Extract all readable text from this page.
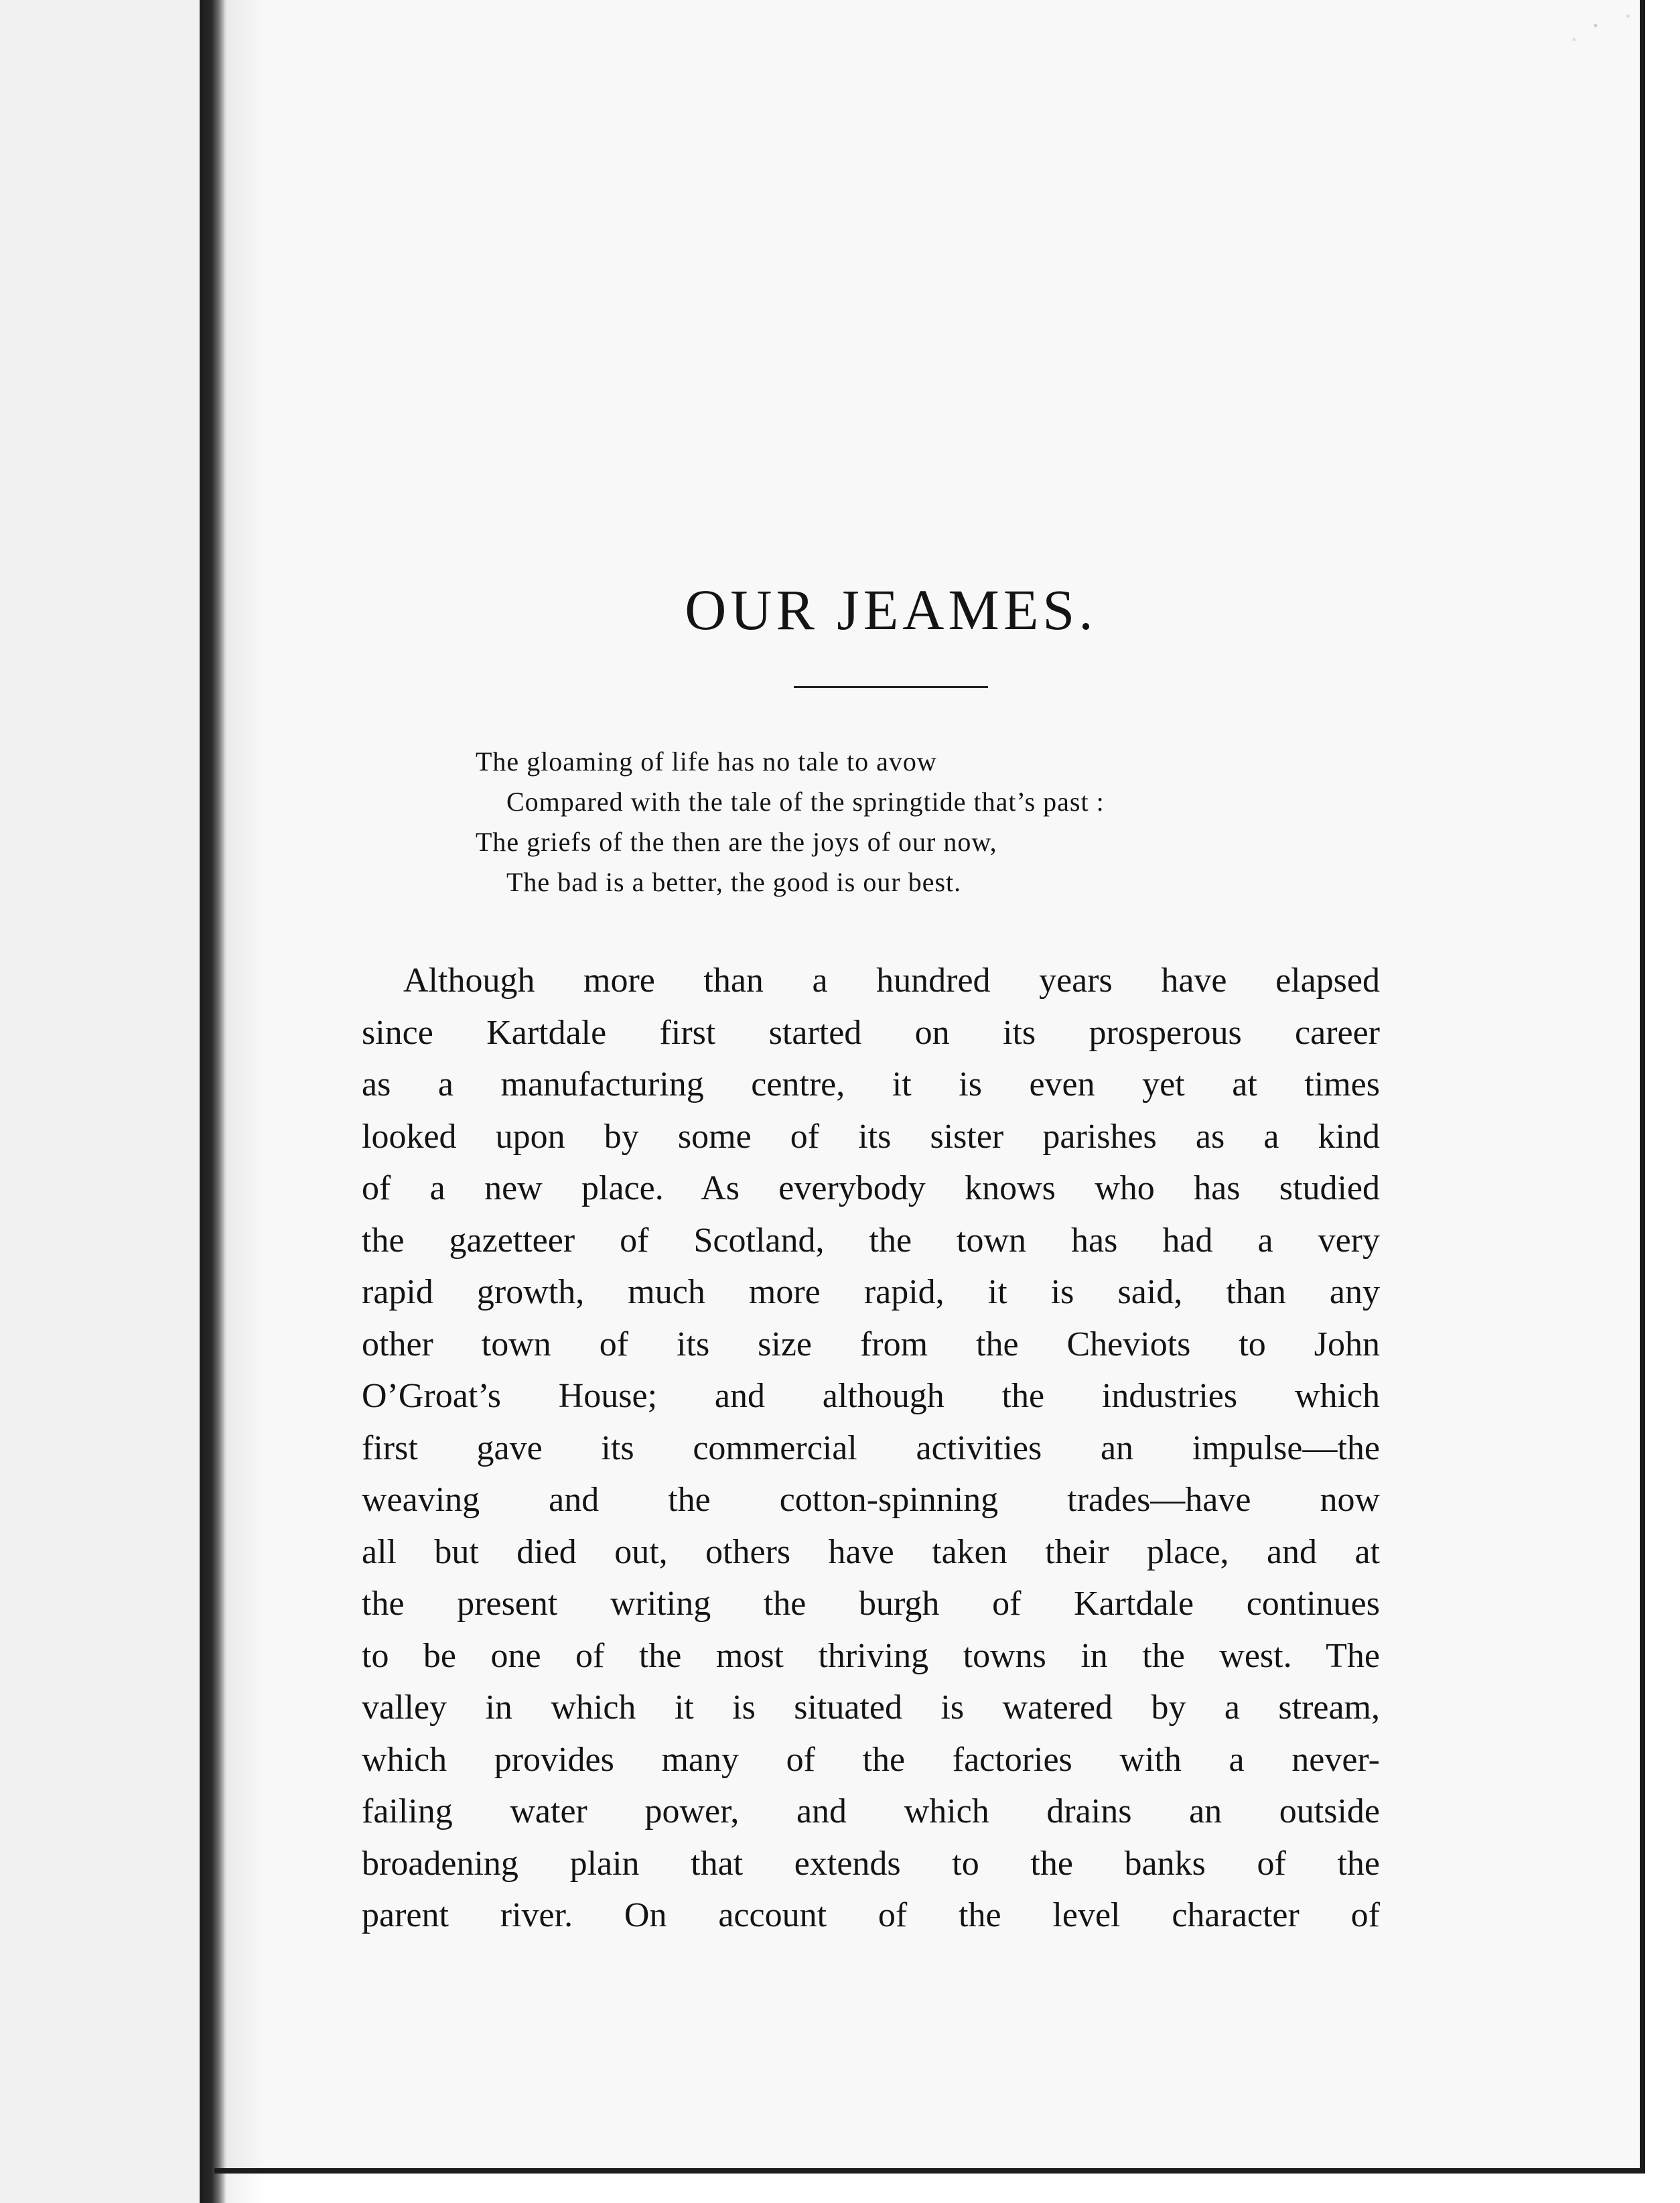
OUR JEAMES.
The gloaming of life has no tale to avow
Compared with the tale of the springtide that’s past :
The griefs of the then are the joys of our now,
The bad is a better, the good is our best.
Although more than a hundred years have elapsed
since Kartdale first started on its prosperous career
as a manufacturing centre, it is even yet at times
looked upon by some of its sister parishes as a kind
of a new place. As everybody knows who has studied
the gazetteer of Scotland, the town has had a very
rapid growth, much more rapid, it is said, than any
other town of its size from the Cheviots to John
O’Groat’s House; and although the industries which
first gave its commercial activities an impulse—the
weaving and the cotton-spinning trades—have now
all but died out, others have taken their place, and at
the present writing the burgh of Kartdale continues
to be one of the most thriving towns in the west. The
valley in which it is situated is watered by a stream,
which provides many of the factories with a never-
failing water power, and which drains an outside
broadening plain that extends to the banks of the
parent river. On account of the level character of
